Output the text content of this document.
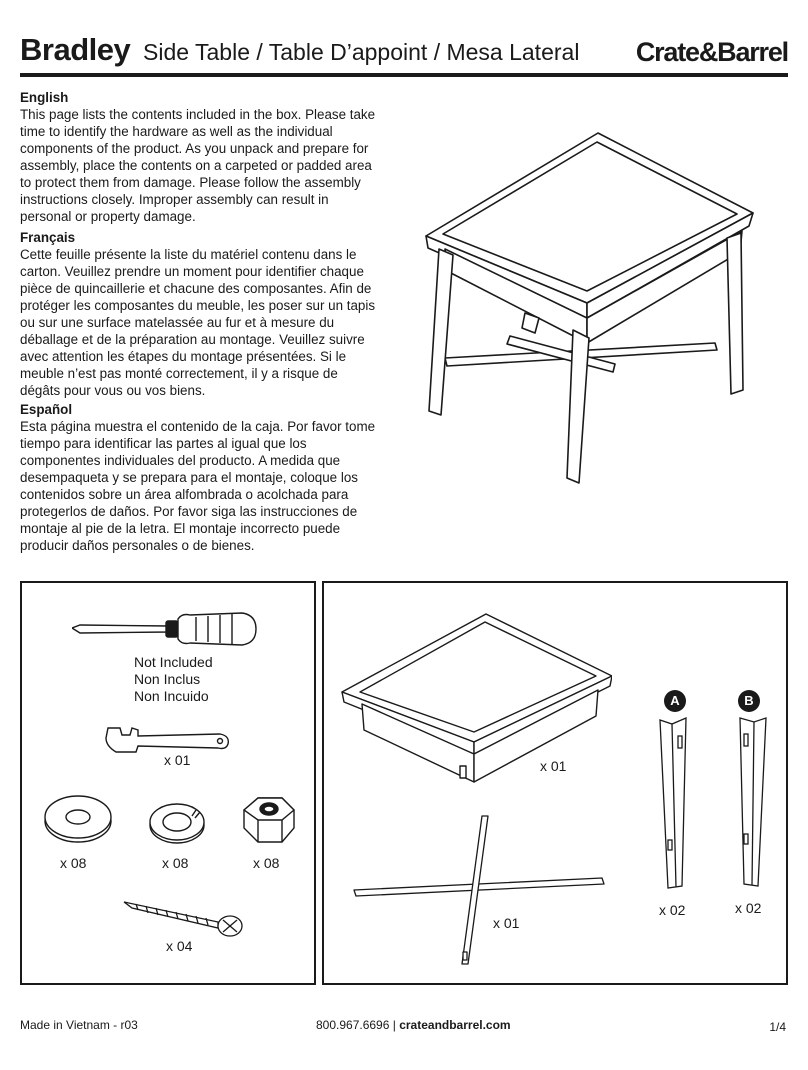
Bradley Side Table / Table D’appoint / Mesa Lateral Crate&Barrel
English

This page lists the contents included in the box. Please take time to identify the hardware as well as the individual components of the product. As you unpack and prepare for assembly, place the contents on a carpeted or padded area to protect them from damage. Please follow the assembly instructions closely. Improper assembly can result in personal or property damage.

Français

Cette feuille présente la liste du matériel contenu dans le carton. Veuillez prendre un moment pour identifier chaque pièce de quincaillerie et chacune des composantes. Afin de protéger les composantes du meuble, les poser sur un tapis ou sur une surface matelassée au fur et à mesure du déballage et de la préparation au montage. Veuillez suivre avec attention les étapes du montage présentées. Si le meuble n’est pas monté correctement, il y a risque de dégâts pour vous ou vos biens.

Español

Esta página muestra el contenido de la caja. Por favor tome tiempo para identificar las partes al igual que los componentes individuales del producto. A medida que desempaqueta y se prepara para el montaje, coloque los contenidos sobre un área alfombrada o acolchada para protegerlos de daños. Por favor siga las instrucciones de montaje al pie de la letra. El montaje incorrecto puede producir daños personales o de bienes.

Not Included
Non Inclus
Non Incuido
x 01
x 08	x 08	x 08
x 04
x 01
x 01
A
x 02
B
x 02
Made in Vietnam - r03	800.967.6696 | crateandbarrel.com	1/4
